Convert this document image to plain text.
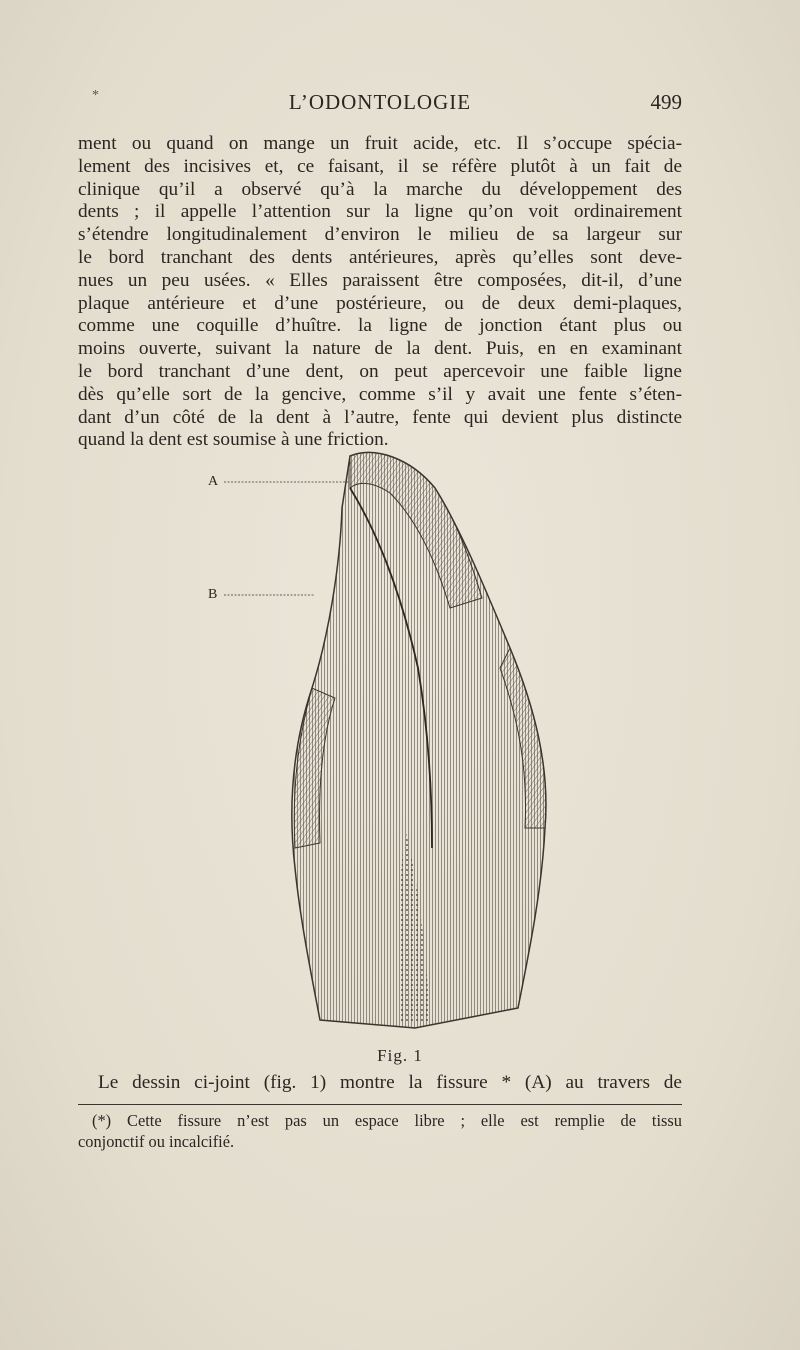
*	L’ODONTOLOGIE	499
ment ou quand on mange un fruit acide, etc. Il s’occupe spécia-
lement des incisives et, ce faisant, il se réfère plutôt à un fait de
clinique qu’il a observé qu’à la marche du développement des
dents ; il appelle l’attention sur la ligne qu’on voit ordinairement
s’étendre longitudinalement d’environ le milieu de sa largeur sur
le bord tranchant des dents antérieures, après qu’elles sont deve-
nues un peu usées. « Elles paraissent être composées, dit-il, d’une
plaque antérieure et d’une postérieure, ou de deux demi-plaques,
comme une coquille d’huître. la ligne de jonction étant plus ou
moins ouverte, suivant la nature de la dent. Puis, en en examinant
le bord tranchant d’une dent, on peut apercevoir une faible ligne
dès qu’elle sort de la gencive, comme s’il y avait une fente s’éten-
dant d’un côté de la dent à l’autre, fente qui devient plus distincte
quand la dent est soumise à une friction.
A
B
Fig. 1
Le dessin ci-joint (fig. 1) montre la fissure * (A) au travers de
(*) Cette fissure n’est pas un espace libre ; elle est remplie de tissu
conjonctif ou incalcifié.
